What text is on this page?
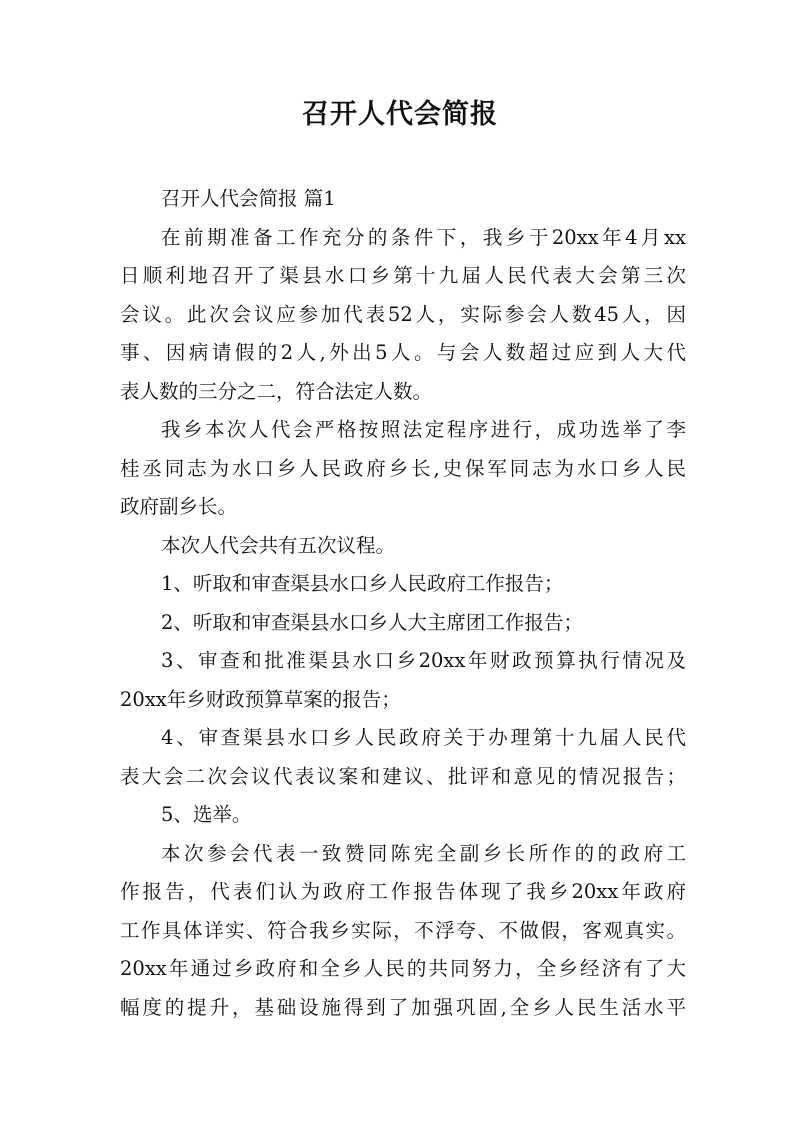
召开人代会简报
召开人代会简报 篇1
在前期准备工作充分的条件下，我乡于20xx年4月xx
日顺利地召开了渠县水口乡第十九届人民代表大会第三次
会议。此次会议应参加代表52人，实际参会人数45人，因
事、因病请假的2人,外出5人。与会人数超过应到人大代
表人数的三分之二，符合法定人数。
我乡本次人代会严格按照法定程序进行，成功选举了李
桂丞同志为水口乡人民政府乡长,史保军同志为水口乡人民
政府副乡长。
本次人代会共有五次议程。
1、听取和审查渠县水口乡人民政府工作报告；
2、听取和审查渠县水口乡人大主席团工作报告；
3、审查和批准渠县水口乡20xx年财政预算执行情况及
20xx年乡财政预算草案的报告；
4、审查渠县水口乡人民政府关于办理第十九届人民代
表大会二次会议代表议案和建议、批评和意见的情况报告；
5、选举。
本次参会代表一致赞同陈宪全副乡长所作的的政府工
作报告，代表们认为政府工作报告体现了我乡20xx年政府
工作具体详实、符合我乡实际，不浮夸、不做假，客观真实。
20xx年通过乡政府和全乡人民的共同努力，全乡经济有了大
幅度的提升，基础设施得到了加强巩固,全乡人民生活水平
